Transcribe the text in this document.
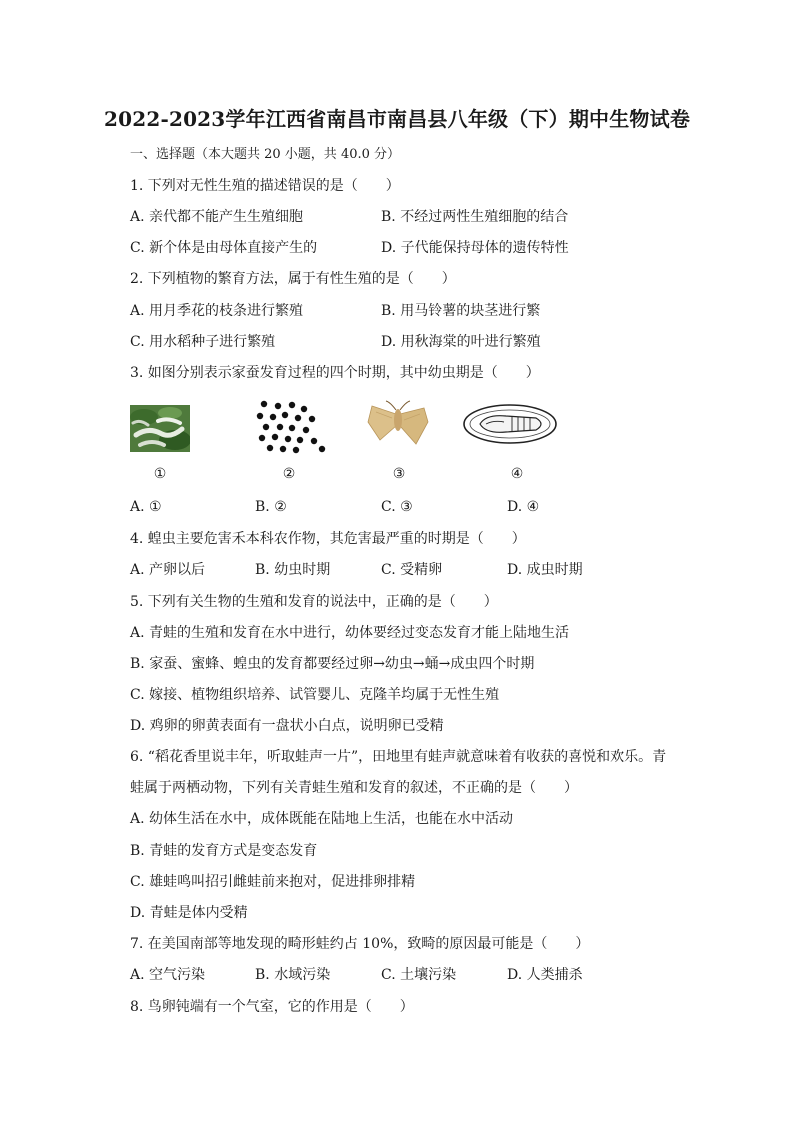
2022-2023学年江西省南昌市南昌县八年级（下）期中生物试卷
一、选择题（本大题共 20 小题，共 40.0 分）
1. 下列对无性生殖的描述错误的是（　　）
A. 亲代都不能产生生殖细胞	B. 不经过两性生殖细胞的结合
C. 新个体是由母体直接产生的	D. 子代能保持母体的遗传特性
2. 下列植物的繁育方法，属于有性生殖的是（　　）
A. 用月季花的枝条进行繁殖	B. 用马铃薯的块茎进行繁
C. 用水稻种子进行繁殖	D. 用秋海棠的叶进行繁殖
3. 如图分别表示家蚕发育过程的四个时期，其中幼虫期是（　　）
①	②	③	④
A. ①	B. ②	C. ③	D. ④
4. 蝗虫主要危害禾本科农作物，其危害最严重的时期是（　　）
A. 产卵以后	B. 幼虫时期	C. 受精卵	D. 成虫时期
5. 下列有关生物的生殖和发育的说法中，正确的是（　　）
A. 青蛙的生殖和发育在水中进行，幼体要经过变态发育才能上陆地生活
B. 家蚕、蜜蜂、蝗虫的发育都要经过卵→幼虫→蛹→成虫四个时期
C. 嫁接、植物组织培养、试管婴儿、克隆羊均属于无性生殖
D. 鸡卵的卵黄表面有一盘状小白点，说明卵已受精
6. “稻花香里说丰年，听取蛙声一片”，田地里有蛙声就意味着有收获的喜悦和欢乐。青
蛙属于两栖动物，下列有关青蛙生殖和发育的叙述，不正确的是（　　）
A. 幼体生活在水中，成体既能在陆地上生活，也能在水中活动
B. 青蛙的发育方式是变态发育
C. 雄蛙鸣叫招引雌蛙前来抱对，促进排卵排精
D. 青蛙是体内受精
7. 在美国南部等地发现的畸形蛙约占 10%，致畸的原因最可能是（　　）
A. 空气污染	B. 水域污染	C. 土壤污染	D. 人类捕杀
8. 鸟卵钝端有一个气室，它的作用是（　　）
